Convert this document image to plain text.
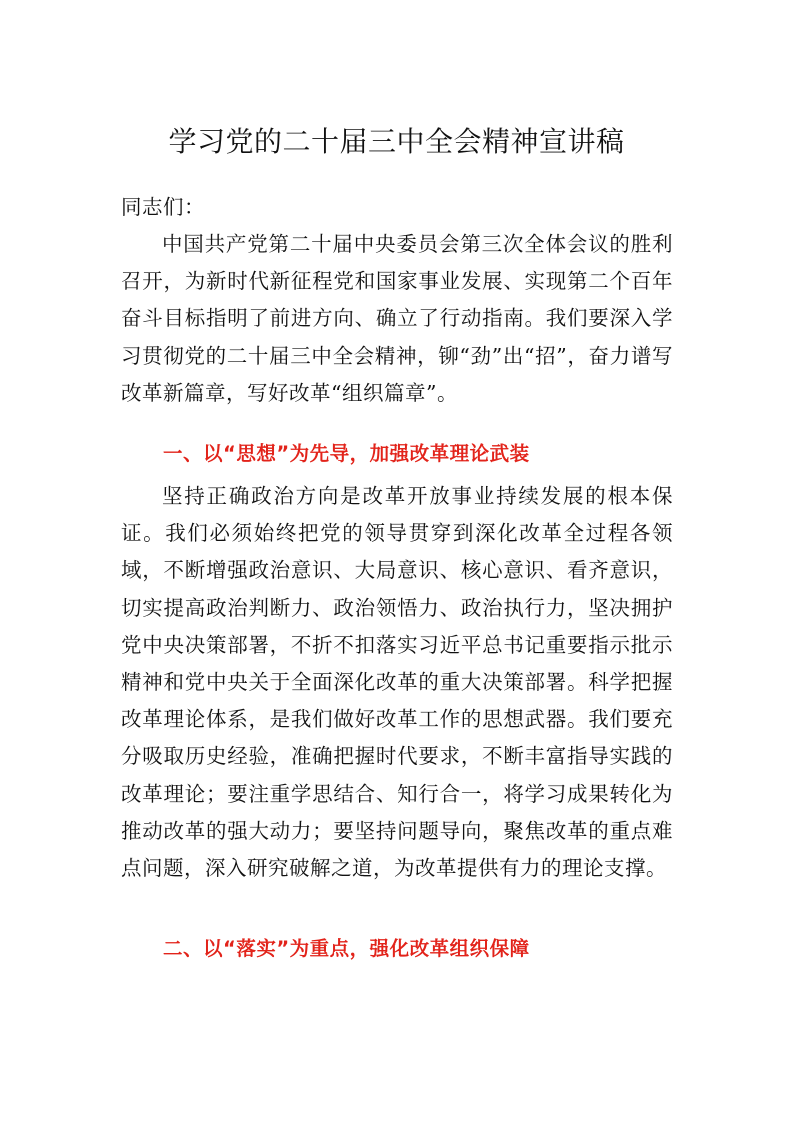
学习党的二十届三中全会精神宣讲稿
同志们：
中国共产党第二十届中央委员会第三次全体会议的胜利召开，为新时代新征程党和国家事业发展、实现第二个百年奋斗目标指明了前进方向、确立了行动指南。我们要深入学习贯彻党的二十届三中全会精神，铆“劲”出“招”，奋力谱写改革新篇章，写好改革“组织篇章”。
一、以“思想”为先导，加强改革理论武装
坚持正确政治方向是改革开放事业持续发展的根本保证。我们必须始终把党的领导贯穿到深化改革全过程各领域，不断增强政治意识、大局意识、核心意识、看齐意识，切实提高政治判断力、政治领悟力、政治执行力，坚决拥护党中央决策部署，不折不扣落实习近平总书记重要指示批示精神和党中央关于全面深化改革的重大决策部署。科学把握改革理论体系，是我们做好改革工作的思想武器。我们要充分吸取历史经验，准确把握时代要求，不断丰富指导实践的改革理论；要注重学思结合、知行合一，将学习成果转化为推动改革的强大动力；要坚持问题导向，聚焦改革的重点难点问题，深入研究破解之道，为改革提供有力的理论支撑。
二、以“落实”为重点，强化改革组织保障
